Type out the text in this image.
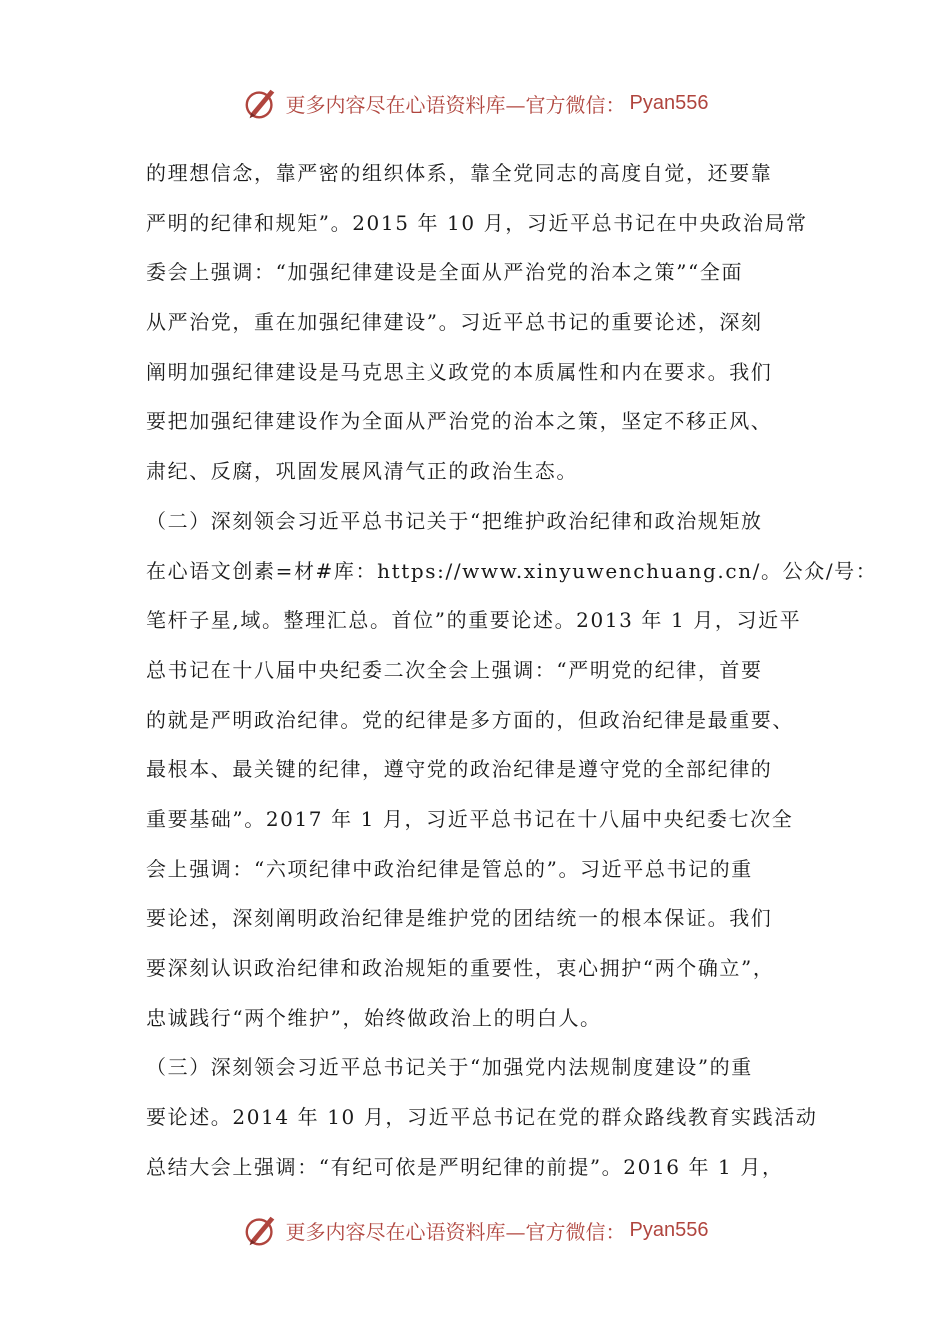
更多内容尽在心语资料库—官方微信： Pyan556
的理想信念，靠严密的组织体系，靠全党同志的高度自觉，还要靠
严明的纪律和规矩”。2015 年 10 月，习近平总书记在中央政治局常
委会上强调：“加强纪律建设是全面从严治党的治本之策”“全面
从严治党，重在加强纪律建设”。习近平总书记的重要论述，深刻
阐明加强纪律建设是马克思主义政党的本质属性和内在要求。我们
要把加强纪律建设作为全面从严治党的治本之策，坚定不移正风、
肃纪、反腐，巩固发展风清气正的政治生态。
（二）深刻领会习近平总书记关于“把维护政治纪律和政治规矩放
在心语文创素=材#库：https://www.xinyuwenchuang.cn/。公众/号：
笔杆子星,域。整理汇总。首位”的重要论述。2013 年 1 月，习近平
总书记在十八届中央纪委二次全会上强调：“严明党的纪律，首要
的就是严明政治纪律。党的纪律是多方面的，但政治纪律是最重要、
最根本、最关键的纪律，遵守党的政治纪律是遵守党的全部纪律的
重要基础”。2017 年 1 月，习近平总书记在十八届中央纪委七次全
会上强调：“六项纪律中政治纪律是管总的”。习近平总书记的重
要论述，深刻阐明政治纪律是维护党的团结统一的根本保证。我们
要深刻认识政治纪律和政治规矩的重要性，衷心拥护“两个确立”，
忠诚践行“两个维护”，始终做政治上的明白人。
（三）深刻领会习近平总书记关于“加强党内法规制度建设”的重
要论述。2014 年 10 月，习近平总书记在党的群众路线教育实践活动
总结大会上强调：“有纪可依是严明纪律的前提”。2016 年 1 月，
更多内容尽在心语资料库—官方微信： Pyan556
